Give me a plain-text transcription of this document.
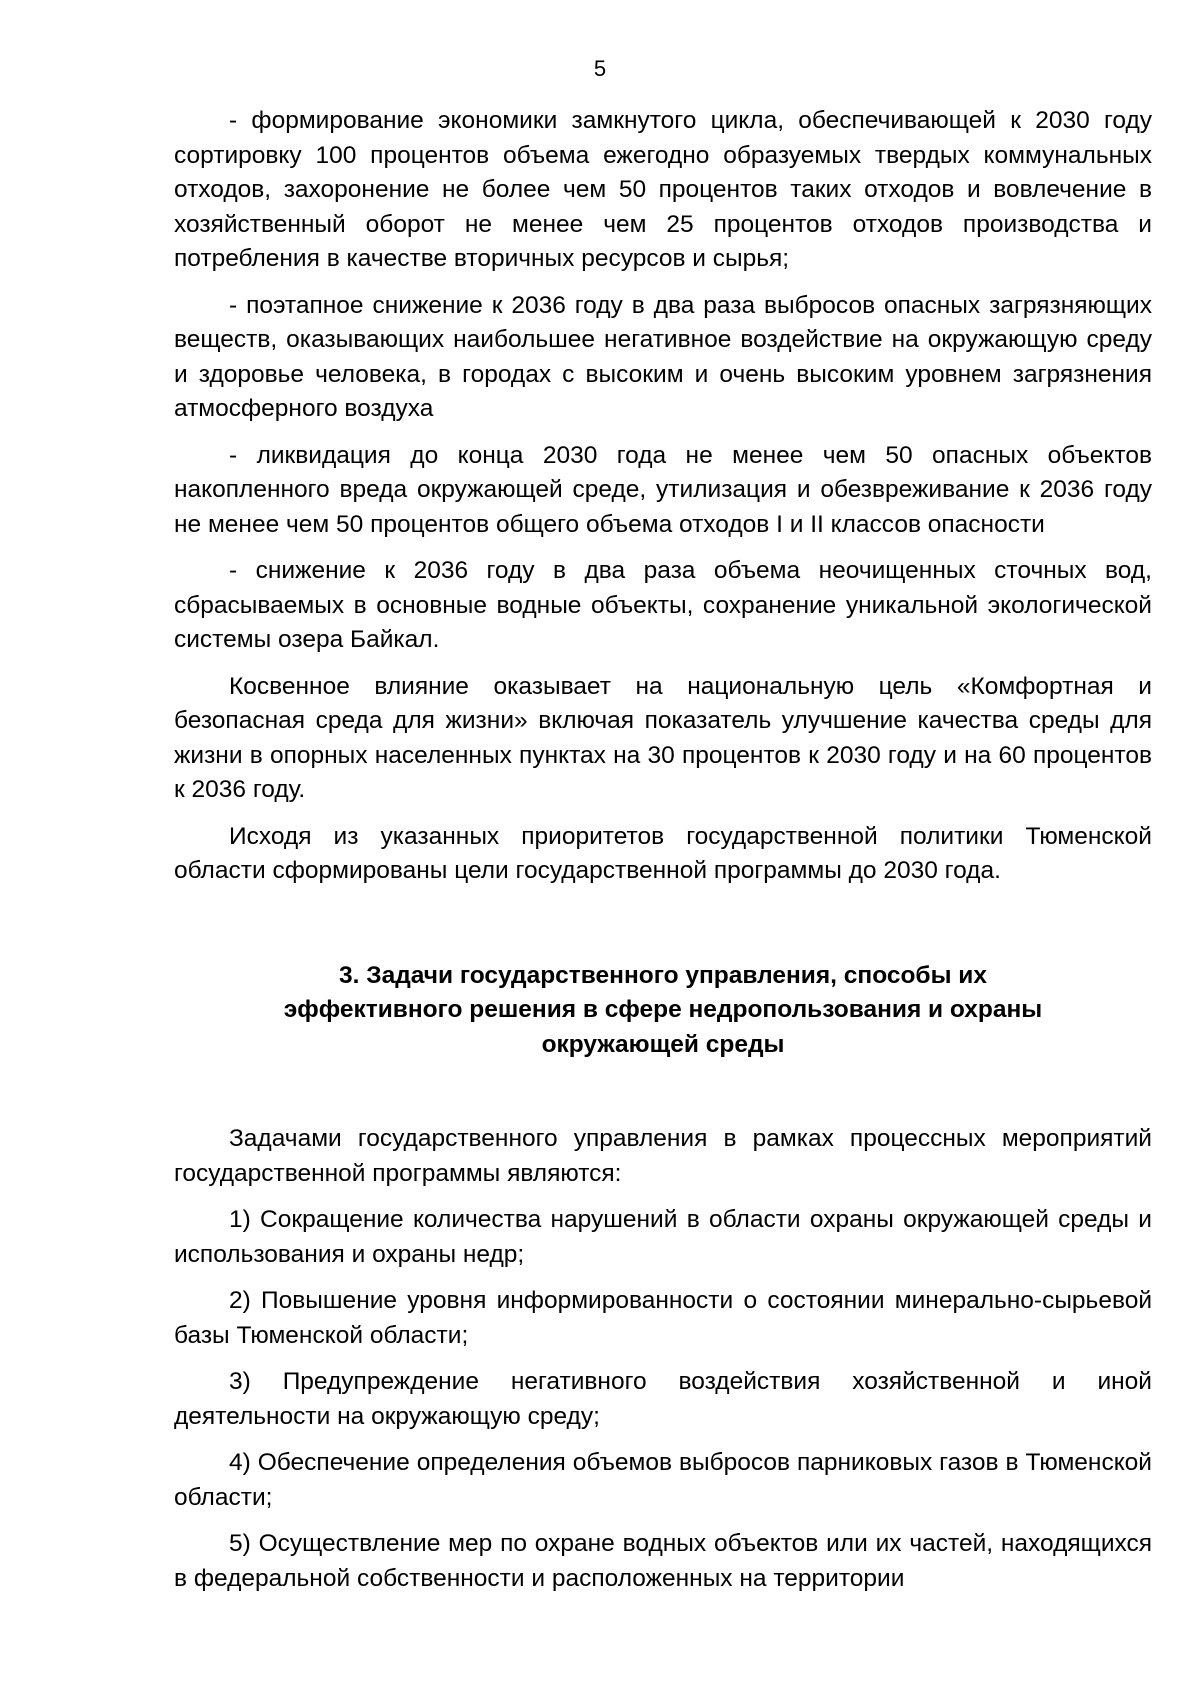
5

- формирование экономики замкнутого цикла, обеспечивающей к 2030 году сортировку 100 процентов объема ежегодно образуемых твердых коммунальных отходов, захоронение не более чем 50 процентов таких отходов и вовлечение в хозяйственный оборот не менее чем 25 процентов отходов производства и потребления в качестве вторичных ресурсов и сырья;

- поэтапное снижение к 2036 году в два раза выбросов опасных загрязняющих веществ, оказывающих наибольшее негативное воздействие на окружающую среду и здоровье человека, в городах с высоким и очень высоким уровнем загрязнения атмосферного воздуха

- ликвидация до конца 2030 года не менее чем 50 опасных объектов накопленного вреда окружающей среде, утилизация и обезвреживание к 2036 году не менее чем 50 процентов общего объема отходов I и II классов опасности

- снижение к 2036 году в два раза объема неочищенных сточных вод, сбрасываемых в основные водные объекты, сохранение уникальной экологической системы озера Байкал.

Косвенное влияние оказывает на национальную цель «Комфортная и безопасная среда для жизни» включая показатель улучшение качества среды для жизни в опорных населенных пунктах на 30 процентов к 2030 году и на 60 процентов к 2036 году.

Исходя из указанных приоритетов государственной политики Тюменской области сформированы цели государственной программы до 2030 года.

3. Задачи государственного управления, способы их
эффективного решения в сфере недропользования и охраны
окружающей среды

Задачами государственного управления в рамках процессных мероприятий государственной программы являются:

1) Сокращение количества нарушений в области охраны окружающей среды и использования и охраны недр;

2) Повышение уровня информированности о состоянии минерально-сырьевой базы Тюменской области;

3) Предупреждение негативного воздействия хозяйственной и иной деятельности на окружающую среду;

4) Обеспечение определения объемов выбросов парниковых газов в Тюменской области;

5) Осуществление мер по охране водных объектов или их частей, находящихся в федеральной собственности и расположенных на территории
